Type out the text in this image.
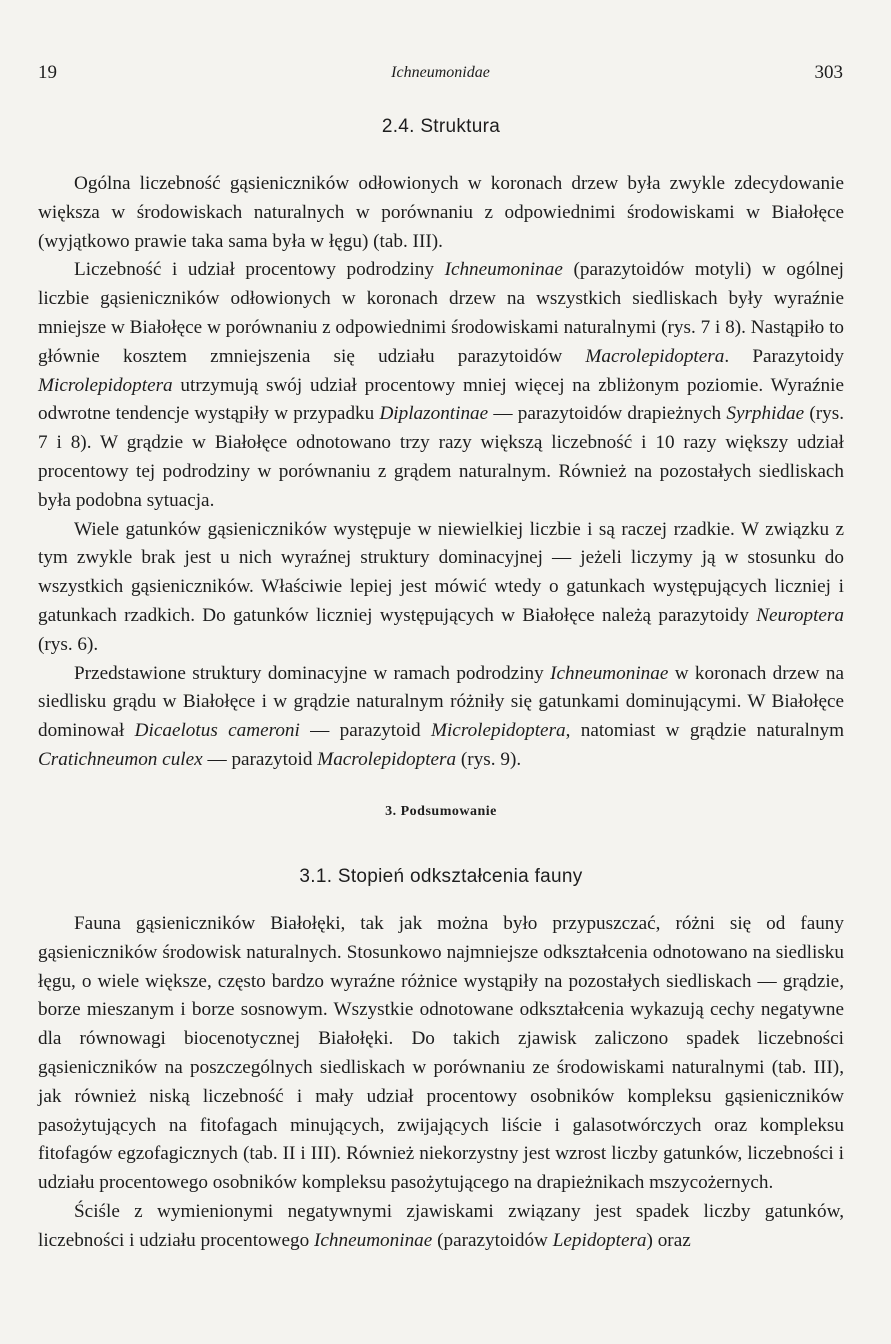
19	Ichneumonidae	303
2.4. Struktura

Ogólna liczebność gąsieniczników odłowionych w koronach drzew była zwykle zdecydowanie większa w środowiskach naturalnych w porównaniu z odpowiednimi środowiskami w Białołęce (wyjątkowo prawie taka sama była w łęgu) (tab. III).

Liczebność i udział procentowy podrodziny Ichneumoninae (parazytoidów motyli) w ogólnej liczbie gąsieniczników odłowionych w koronach drzew na wszystkich siedliskach były wyraźnie mniejsze w Białołęce w porównaniu z odpowiednimi środowiskami naturalnymi (rys. 7 i 8). Nastąpiło to głównie kosztem zmniejszenia się udziału parazytoidów Macrolepidoptera. Parazytoidy Microlepidoptera utrzymują swój udział procentowy mniej więcej na zbliżonym poziomie. Wyraźnie odwrotne tendencje wystąpiły w przypadku Diplazontinae — parazytoidów drapieżnych Syrphidae (rys. 7 i 8). W grądzie w Białołęce odnotowano trzy razy większą liczebność i 10 razy większy udział procentowy tej podrodziny w porównaniu z grądem naturalnym. Również na pozostałych siedliskach była podobna sytuacja.

Wiele gatunków gąsieniczników występuje w niewielkiej liczbie i są raczej rzadkie. W związku z tym zwykle brak jest u nich wyraźnej struktury dominacyjnej — jeżeli liczymy ją w stosunku do wszystkich gąsieniczników. Właściwie lepiej jest mówić wtedy o gatunkach występujących liczniej i gatunkach rzadkich. Do gatunków liczniej występujących w Białołęce należą parazytoidy Neuroptera (rys. 6).

Przedstawione struktury dominacyjne w ramach podrodziny Ichneumoninae w koronach drzew na siedlisku grądu w Białołęce i w grądzie naturalnym różniły się gatunkami dominującymi. W Białołęce dominował Dicaelotus cameroni — parazytoid Microlepidoptera, natomiast w grądzie naturalnym Cratichneumon culex — parazytoid Macrolepidoptera (rys. 9).

3. Podsumowanie
3.1. Stopień odkształcenia fauny

Fauna gąsieniczników Białołęki, tak jak można było przypuszczać, różni się od fauny gąsieniczników środowisk naturalnych. Stosunkowo najmniejsze odkształcenia odnotowano na siedlisku łęgu, o wiele większe, często bardzo wyraźne różnice wystąpiły na pozostałych siedliskach — grądzie, borze mieszanym i borze sosnowym. Wszystkie odnotowane odkształcenia wykazują cechy negatywne dla równowagi biocenotycznej Białołęki. Do takich zjawisk zaliczono spadek liczebności gąsieniczników na poszczególnych siedliskach w porównaniu ze środowiskami naturalnymi (tab. III), jak również niską liczebność i mały udział procentowy osobników kompleksu gąsieniczników pasożytujących na fitofagach minujących, zwijających liście i galasotwórczych oraz kompleksu fitofagów egzofagicznych (tab. II i III). Również niekorzystny jest wzrost liczby gatunków, liczebności i udziału procentowego osobników kompleksu pasożytującego na drapieżnikach mszycożernych.

Ściśle z wymienionymi negatywnymi zjawiskami związany jest spadek liczby gatunków, liczebności i udziału procentowego Ichneumoninae (parazytoidów Lepidoptera) oraz
